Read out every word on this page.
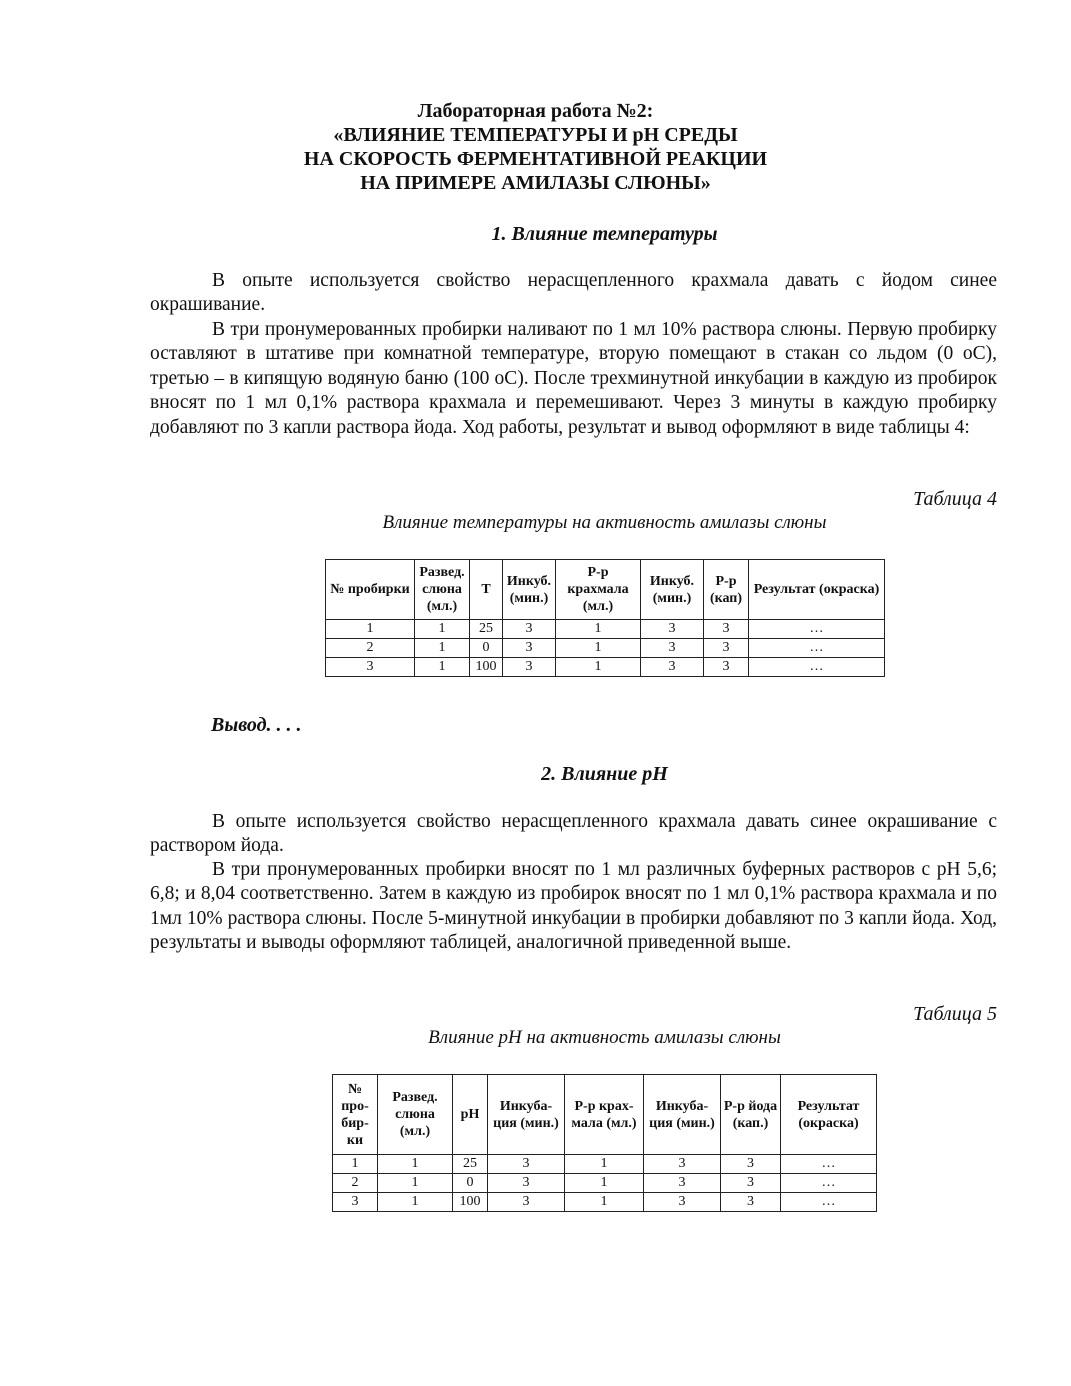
Лабораторная работа №2:
«ВЛИЯНИЕ ТЕМПЕРАТУРЫ И рН СРЕДЫ
НА СКОРОСТЬ ФЕРМЕНТАТИВНОЙ РЕАКЦИИ
НА ПРИМЕРЕ АМИЛАЗЫ СЛЮНЫ»
1. Влияние температуры

В опыте используется свойство нерасщепленного крахмала давать с йодом синее окрашивание.

В три пронумерованных пробирки наливают по 1 мл 10% раствора слюны. Первую пробирку оставляют в штативе при комнатной температуре, вторую помещают в стакан со льдом (0 оС), третью – в кипящую водяную баню (100 оС). После трехминутной инкубации в каждую из пробирок вносят по 1 мл 0,1% раствора крахмала и перемешивают. Через 3 минуты в каждую пробирку добавляют по 3 капли раствора йода. Ход работы, результат и вывод оформляют в виде таблицы 4:

Таблица 4
Влияние температуры на активность амилазы слюны
№ пробирки	Развед. слюна (мл.)	Т	Инкуб. (мин.)	Р-р крахмала (мл.)	Инкуб. (мин.)	Р-р (кап)	Результат (окраска)
1	1	25	3	1	3	3	…
2	1	0	3	1	3	3	…
3	1	100	3	1	3	3	…
Вывод. . . .
2. Влияние рН

В опыте используется свойство нерасщепленного крахмала давать синее окрашивание с раствором йода.

В три пронумерованных пробирки вносят по 1 мл различных буферных растворов с рН 5,6; 6,8; и 8,04 соответственно. Затем в каждую из пробирок вносят по 1 мл 0,1% раствора крахмала и по 1мл 10% раствора слюны. После 5-минутной инкубации в пробирки добавляют по 3 капли йода. Ход, результаты и выводы оформляют таблицей, аналогичной приведенной выше.

Таблица 5
Влияние рН на активность амилазы слюны
№ про-бир-ки	Развед. слюна (мл.)	рН	Инкуба-ция (мин.)	Р-р крах-мала (мл.)	Инкуба-ция (мин.)	Р-р йода (кап.)	Результат (окраска)
1	1	25	3	1	3	3	…
2	1	0	3	1	3	3	…
3	1	100	3	1	3	3	…
